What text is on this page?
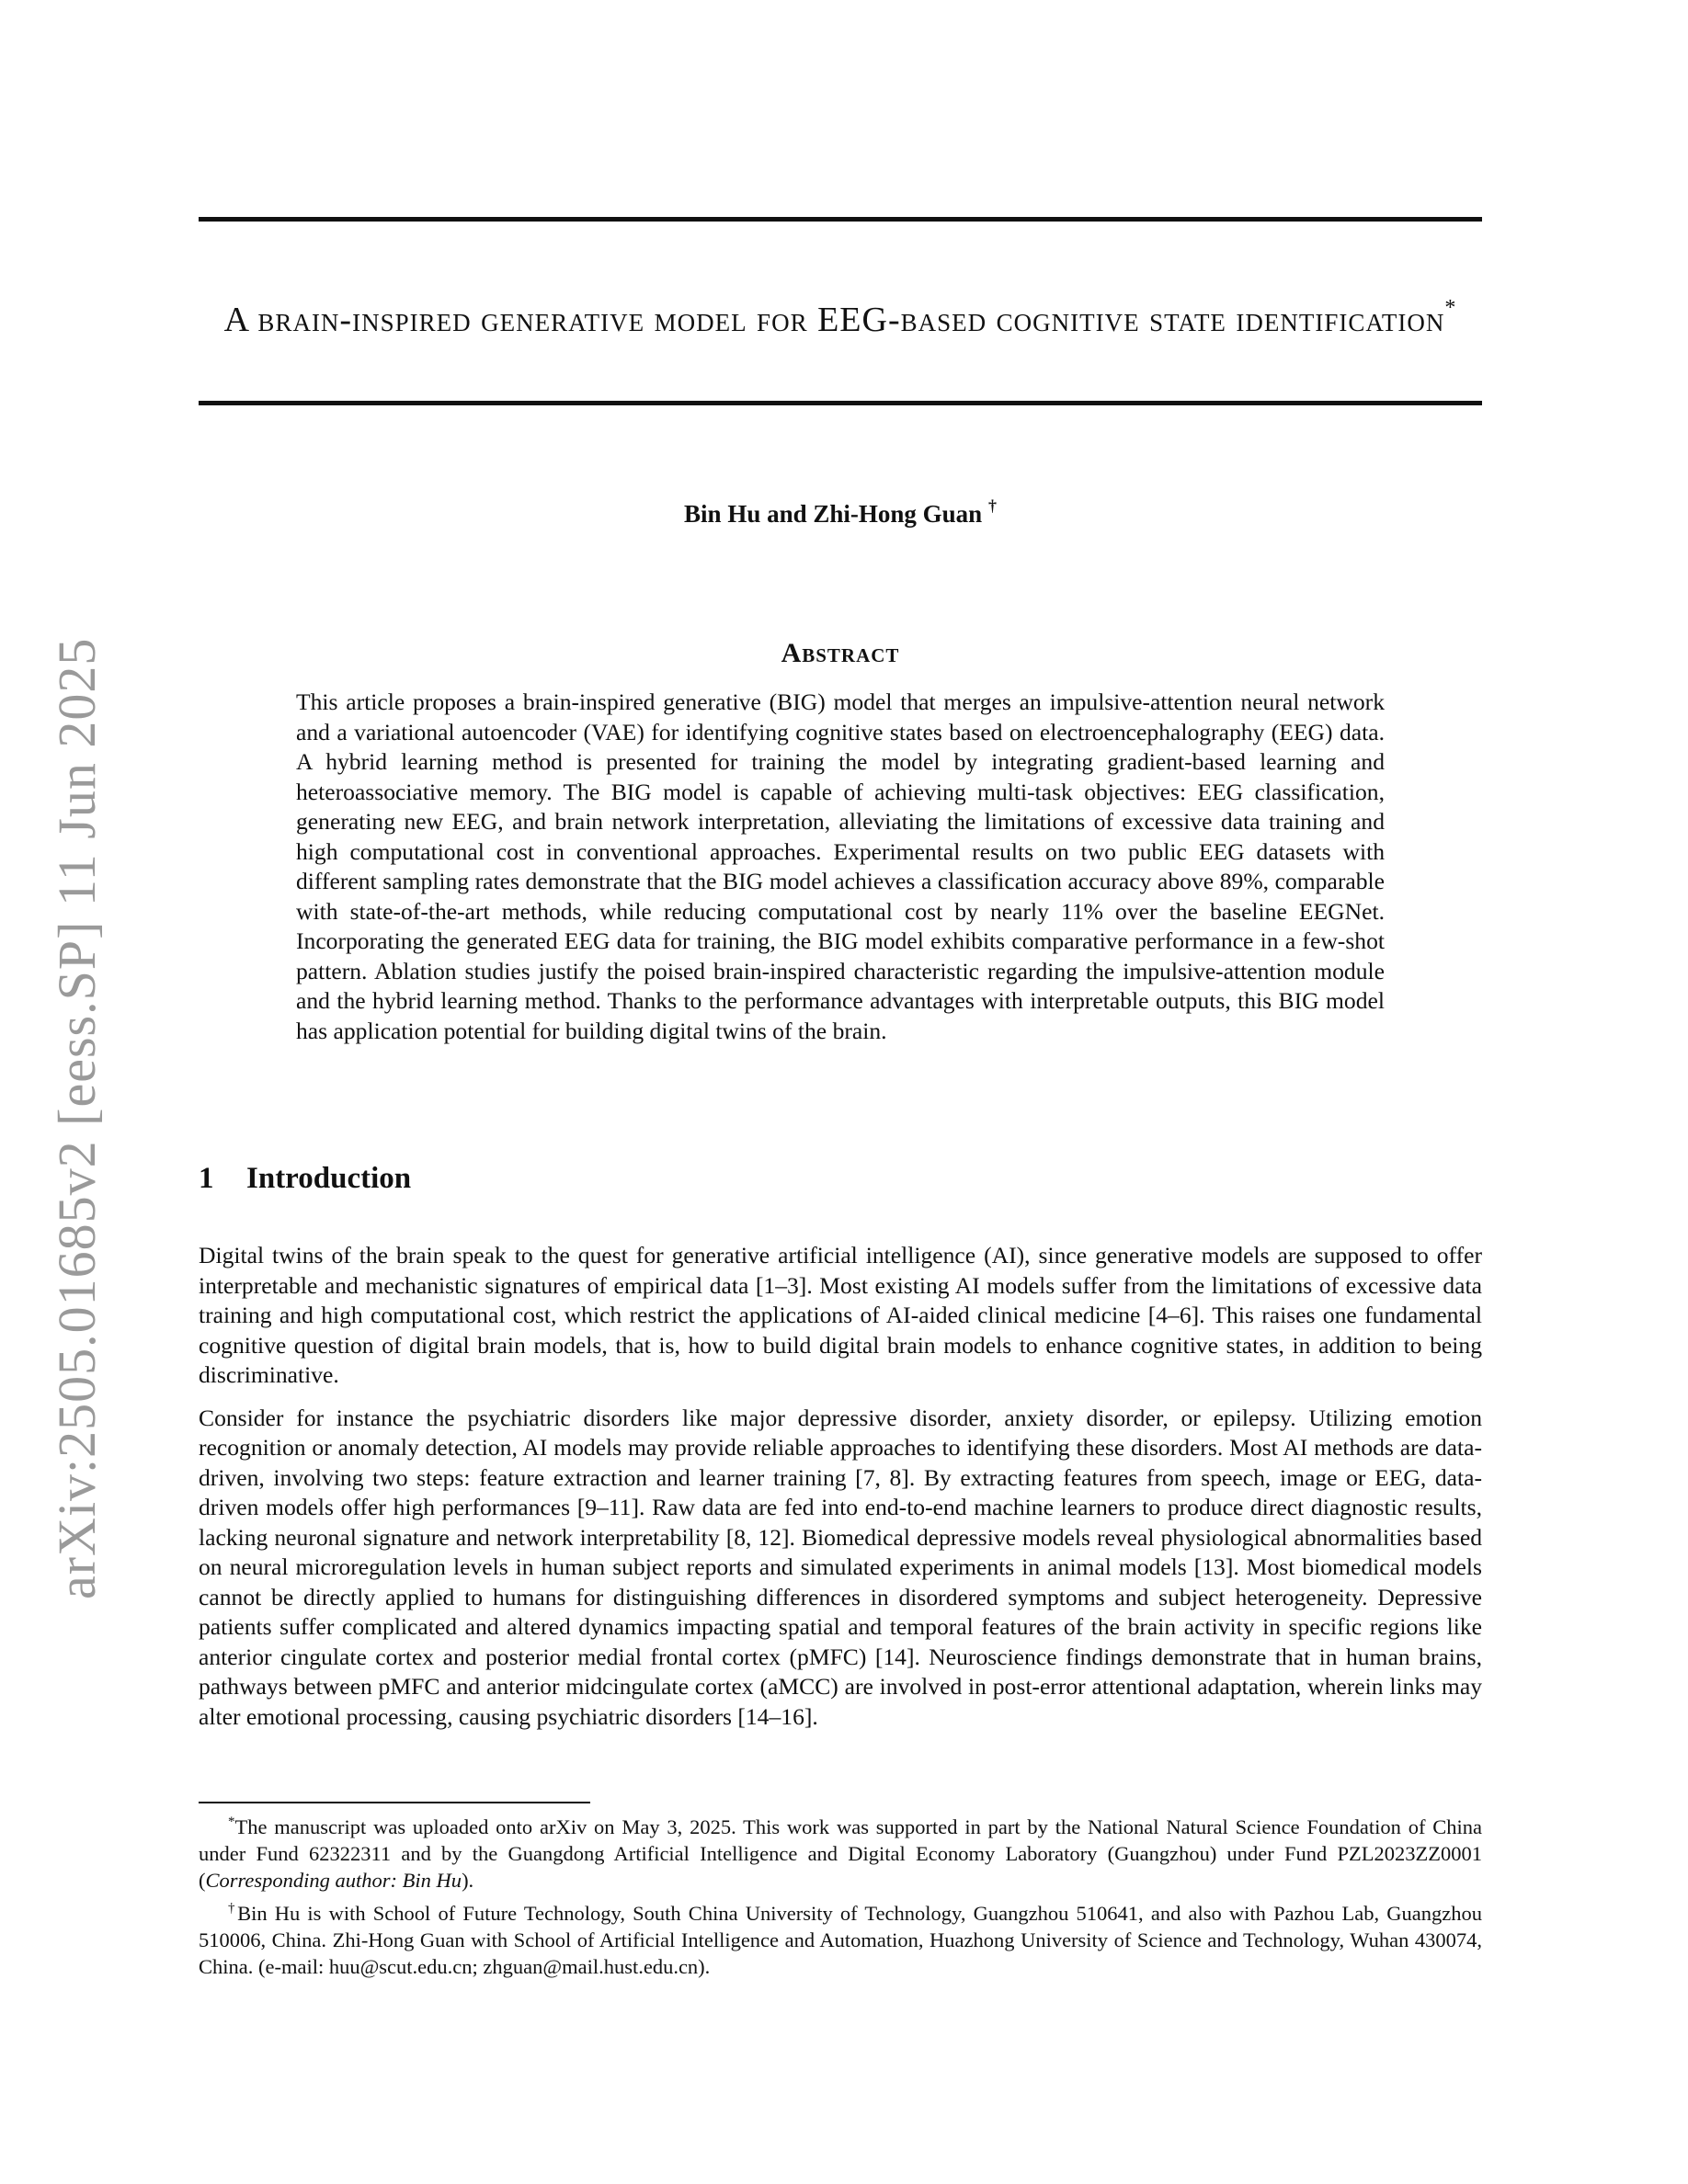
arXiv:2505.01685v2 [eess.SP] 11 Jun 2025
A brain-inspired generative model for EEG-based cognitive state identification*
Bin Hu and Zhi-Hong Guan †
Abstract
This article proposes a brain-inspired generative (BIG) model that merges an impulsive-attention neural network and a variational autoencoder (VAE) for identifying cognitive states based on electroencephalography (EEG) data. A hybrid learning method is presented for training the model by integrating gradient-based learning and heteroassociative memory. The BIG model is capable of achieving multi-task objectives: EEG classification, generating new EEG, and brain network interpretation, alleviating the limitations of excessive data training and high computational cost in conventional approaches. Experimental results on two public EEG datasets with different sampling rates demonstrate that the BIG model achieves a classification accuracy above 89%, comparable with state-of-the-art methods, while reducing computational cost by nearly 11% over the baseline EEGNet. Incorporating the generated EEG data for training, the BIG model exhibits comparative performance in a few-shot pattern. Ablation studies justify the poised brain-inspired characteristic regarding the impulsive-attention module and the hybrid learning method. Thanks to the performance advantages with interpretable outputs, this BIG model has application potential for building digital twins of the brain.
1 Introduction

Digital twins of the brain speak to the quest for generative artificial intelligence (AI), since generative models are supposed to offer interpretable and mechanistic signatures of empirical data [1–3]. Most existing AI models suffer from the limitations of excessive data training and high computational cost, which restrict the applications of AI-aided clinical medicine [4–6]. This raises one fundamental cognitive question of digital brain models, that is, how to build digital brain models to enhance cognitive states, in addition to being discriminative.

Consider for instance the psychiatric disorders like major depressive disorder, anxiety disorder, or epilepsy. Utilizing emotion recognition or anomaly detection, AI models may provide reliable approaches to identifying these disorders. Most AI methods are data-driven, involving two steps: feature extraction and learner training [7, 8]. By extracting features from speech, image or EEG, data-driven models offer high performances [9–11]. Raw data are fed into end-to-end machine learners to produce direct diagnostic results, lacking neuronal signature and network interpretability [8, 12]. Biomedical depressive models reveal physiological abnormalities based on neural microregulation levels in human subject reports and simulated experiments in animal models [13]. Most biomedical models cannot be directly applied to humans for distinguishing differences in disordered symptoms and subject heterogeneity. Depressive patients suffer complicated and altered dynamics impacting spatial and temporal features of the brain activity in specific regions like anterior cingulate cortex and posterior medial frontal cortex (pMFC) [14]. Neuroscience findings demonstrate that in human brains, pathways between pMFC and anterior midcingulate cortex (aMCC) are involved in post-error attentional adaptation, wherein links may alter emotional processing, causing psychiatric disorders [14–16].

*The manuscript was uploaded onto arXiv on May 3, 2025. This work was supported in part by the National Natural Science Foundation of China under Fund 62322311 and by the Guangdong Artificial Intelligence and Digital Economy Laboratory (Guangzhou) under Fund PZL2023ZZ0001 (Corresponding author: Bin Hu).

†Bin Hu is with School of Future Technology, South China University of Technology, Guangzhou 510641, and also with Pazhou Lab, Guangzhou 510006, China. Zhi-Hong Guan with School of Artificial Intelligence and Automation, Huazhong University of Science and Technology, Wuhan 430074, China. (e-mail: huu@scut.edu.cn; zhguan@mail.hust.edu.cn).
